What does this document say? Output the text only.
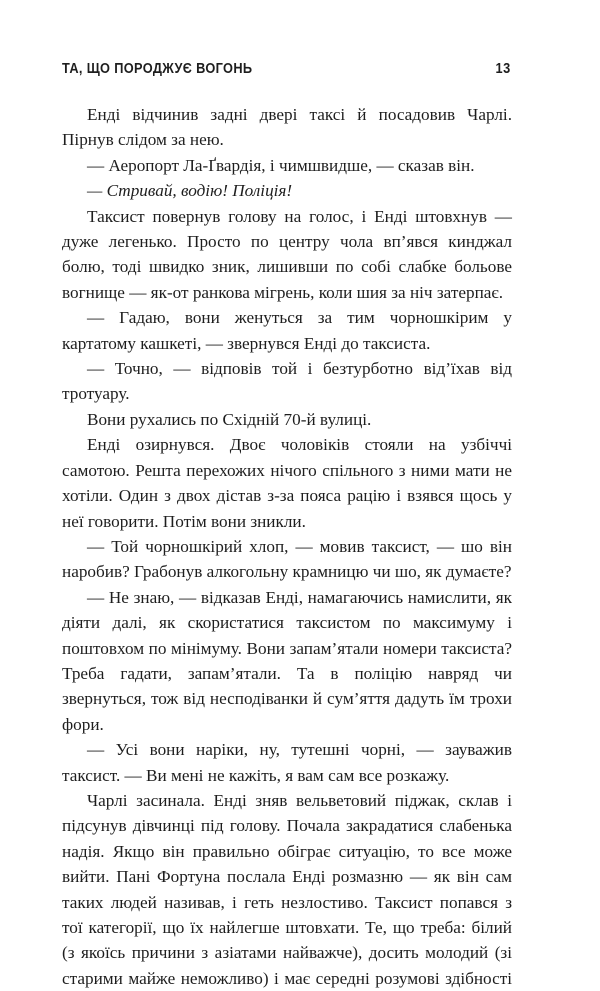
ТА, ЩО ПОРОДЖУЄ ВОГОНЬ	13

Енді відчинив задні двері таксі й посадовив Чарлі. Пірнув слідом за нею.

— Аеропорт Ла-Ґвардія, і чимшвидше, — сказав він.

— Стривай, водію! Поліція!

Таксист повернув голову на голос, і Енді штовхнув — дуже легенько. Просто по центру чола вп’явся кинджал болю, тоді швидко зник, лишивши по собі слабке больове вогнище — як-от ранкова мігрень, коли шия за ніч затерпає.

— Гадаю, вони женуться за тим чорношкірим у картатому кашкеті, — звернувся Енді до таксиста.

— Точно, — відповів той і безтурботно від’їхав від тротуару.

Вони рухались по Східній 70-й вулиці.

Енді озирнувся. Двоє чоловіків стояли на узбіччі самотою. Решта перехожих нічого спільного з ними мати не хотіли. Один з двох дістав з-за пояса рацію і взявся щось у неї говорити. Потім вони зникли.

— Той чорношкірий хлоп, — мовив таксист, — шо він наробив? Грабонув алкогольну крамницю чи шо, як думаєте?

— Не знаю, — відказав Енді, намагаючись намислити, як діяти далі, як скористатися таксистом по максимуму і поштовхом по мінімуму. Вони запам’ятали номери таксиста? Треба гадати, запам’ятали. Та в поліцію навряд чи звернуться, тож від несподіванки й сум’яття дадуть їм трохи фори.

— Усі вони наріки, ну, тутешні чорні, — зауважив таксист. — Ви мені не кажіть, я вам сам все розкажу.

Чарлі засинала. Енді зняв вельветовий піджак, склав і підсунув дівчинці під голову. Почала закрадатися слабенька надія. Якщо він правильно обіграє ситуацію, то все може вийти. Пані Фортуна послала Енді розмазню — як він сам таких людей називав, і геть незлостиво. Таксист попався з тої категорії, що їх найлегше штовхати. Те, що треба: білий (з якоїсь причини з азіатами найважче), досить молодий (зі старими майже неможливо) і має середні розумові здібності
